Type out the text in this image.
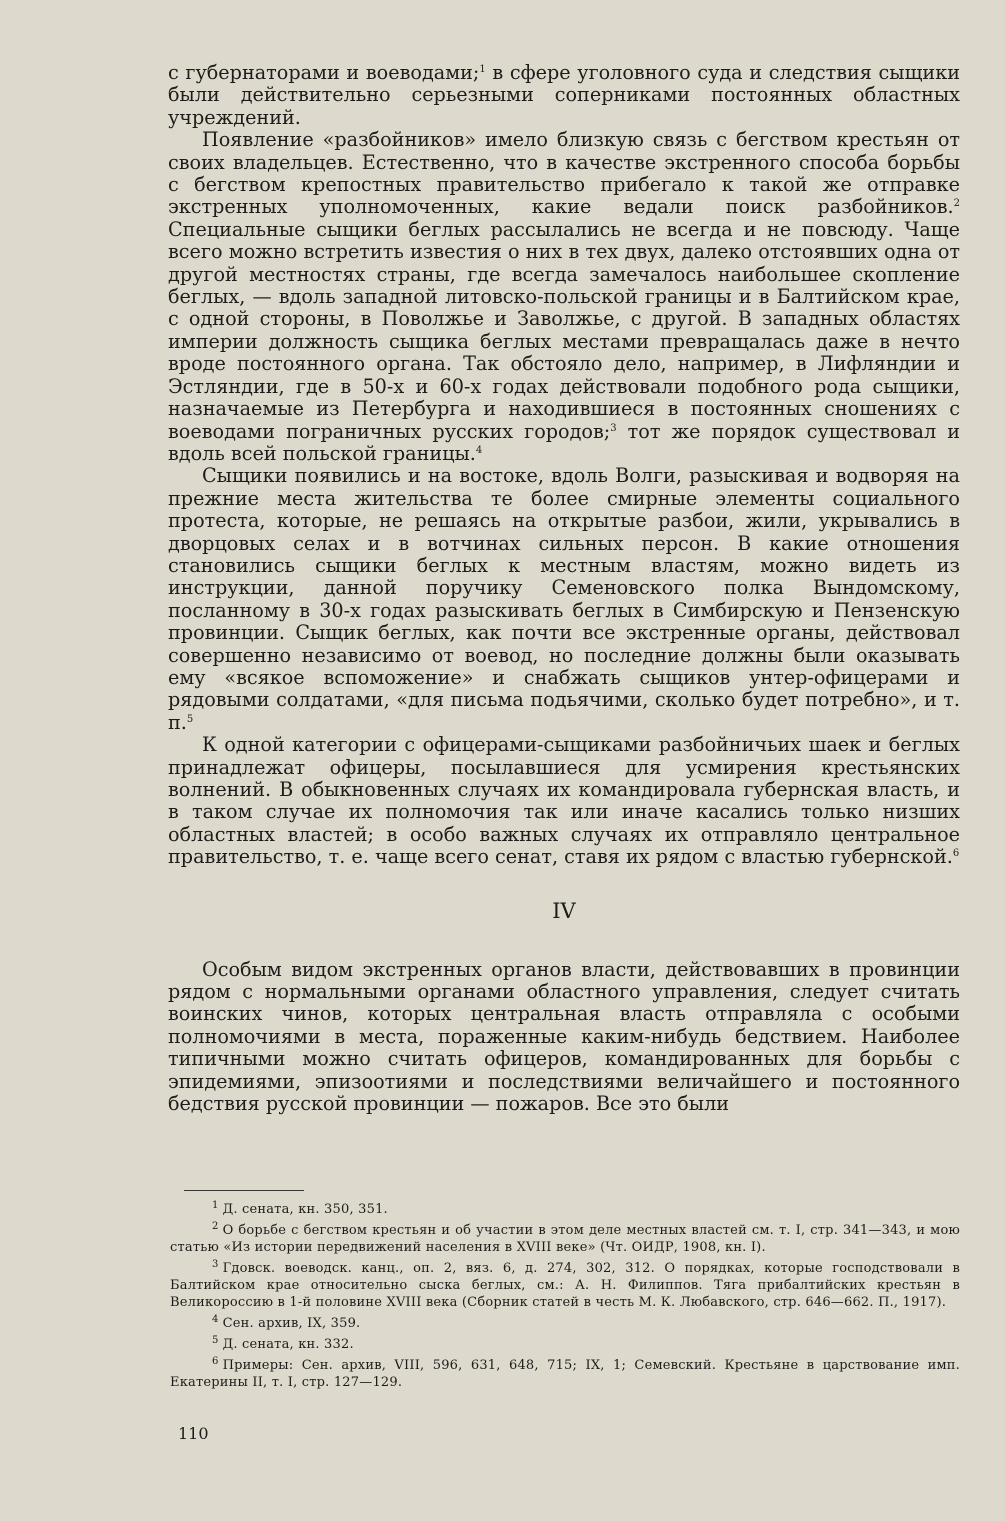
с губернаторами и воеводами;$^1$ в сфере уголовного суда и следствия сыщики были действительно серьезными соперниками постоянных областных учреждений.

Появление «разбойников» имело близкую связь с бегством крестьян от своих владельцев. Естественно, что в качестве экстренного способа борьбы с бегством крепостных правительство прибегало к такой же отправке экстренных уполномоченных, какие ведали поиск разбойников.$^2$ Специальные сыщики беглых рассылались не всегда и не повсюду. Чаще всего можно встретить известия о них в тех двух, далеко отстоявших одна от другой местностях страны, где всегда замечалось наибольшее скопление беглых, — вдоль западной литовско-польской границы и в Балтийском крае, с одной стороны, в Поволжье и Заволжье, с другой. В западных областях империи должность сыщика беглых местами превращалась даже в нечто вроде постоянного органа. Так обстояло дело, например, в Лифляндии и Эстляндии, где в 50-х и 60-х годах действовали подобного рода сыщики, назначаемые из Петербурга и находившиеся в постоянных сношениях с воеводами пограничных русских городов;$^3$ тот же порядок существовал и вдоль всей польской границы.$^4$

Сыщики появились и на востоке, вдоль Волги, разыскивая и водворяя на прежние места жительства те более смирные элементы социального протеста, которые, не решаясь на открытые разбои, жили, укрывались в дворцовых селах и в вотчинах сильных персон. В какие отношения становились сыщики беглых к местным властям, можно видеть из инструкции, данной поручику Семеновского полка Вындомскому, посланному в 30-х годах разыскивать беглых в Симбирскую и Пензенскую провинции. Сыщик беглых, как почти все экстренные органы, действовал совершенно независимо от воевод, но последние должны были оказывать ему «всякое вспоможение» и снабжать сыщиков унтер-офицерами и рядовыми солдатами, «для письма подьячими, сколько будет потребно», и т. п.$^5$

К одной категории с офицерами-сыщиками разбойничьих шаек и беглых принадлежат офицеры, посылавшиеся для усмирения крестьянских волнений. В обыкновенных случаях их командировала губернская власть, и в таком случае их полномочия так или иначе касались только низших областных властей; в особо важных случаях их отправляло центральное правительство, т. е. чаще всего сенат, ставя их рядом с властью губернской.$^6$

IV

Особым видом экстренных органов власти, действовавших в провинции рядом с нормальными органами областного управления, следует считать воинских чинов, которых центральная власть отправляла с особыми полномочиями в места, пораженные каким-нибудь бедствием. Наиболее типичными можно считать офицеров, командированных для борьбы с эпидемиями, эпизоотиями и последствиями величайшего и постоянного бедствия русской провинции — пожаров. Все это были

$^1$ Д. сената, кн. 350, 351.

$^2$ О борьбе с бегством крестьян и об участии в этом деле местных властей см. т. I, стр. 341—343, и мою статью «Из истории передвижений населения в XVIII веке» (Чт. ОИДР, 1908, кн. I).

$^3$ Гдовск. воеводск. канц., оп. 2, вяз. 6, д. 274, 302, 312. О порядках, которые господствовали в Балтийском крае относительно сыска беглых, см.: А. Н. Филиппов. Тяга прибалтийских крестьян в Великороссию в 1-й половине XVIII века (Сборник статей в честь М. К. Любавского, стр. 646—662. П., 1917).

$^4$ Сен. архив, IX, 359.

$^5$ Д. сената, кн. 332.

$^6$ Примеры: Сен. архив, VIII, 596, 631, 648, 715; IX, 1; Семевский. Крестьяне в царствование имп. Екатерины II, т. I, стр. 127—129.

110
